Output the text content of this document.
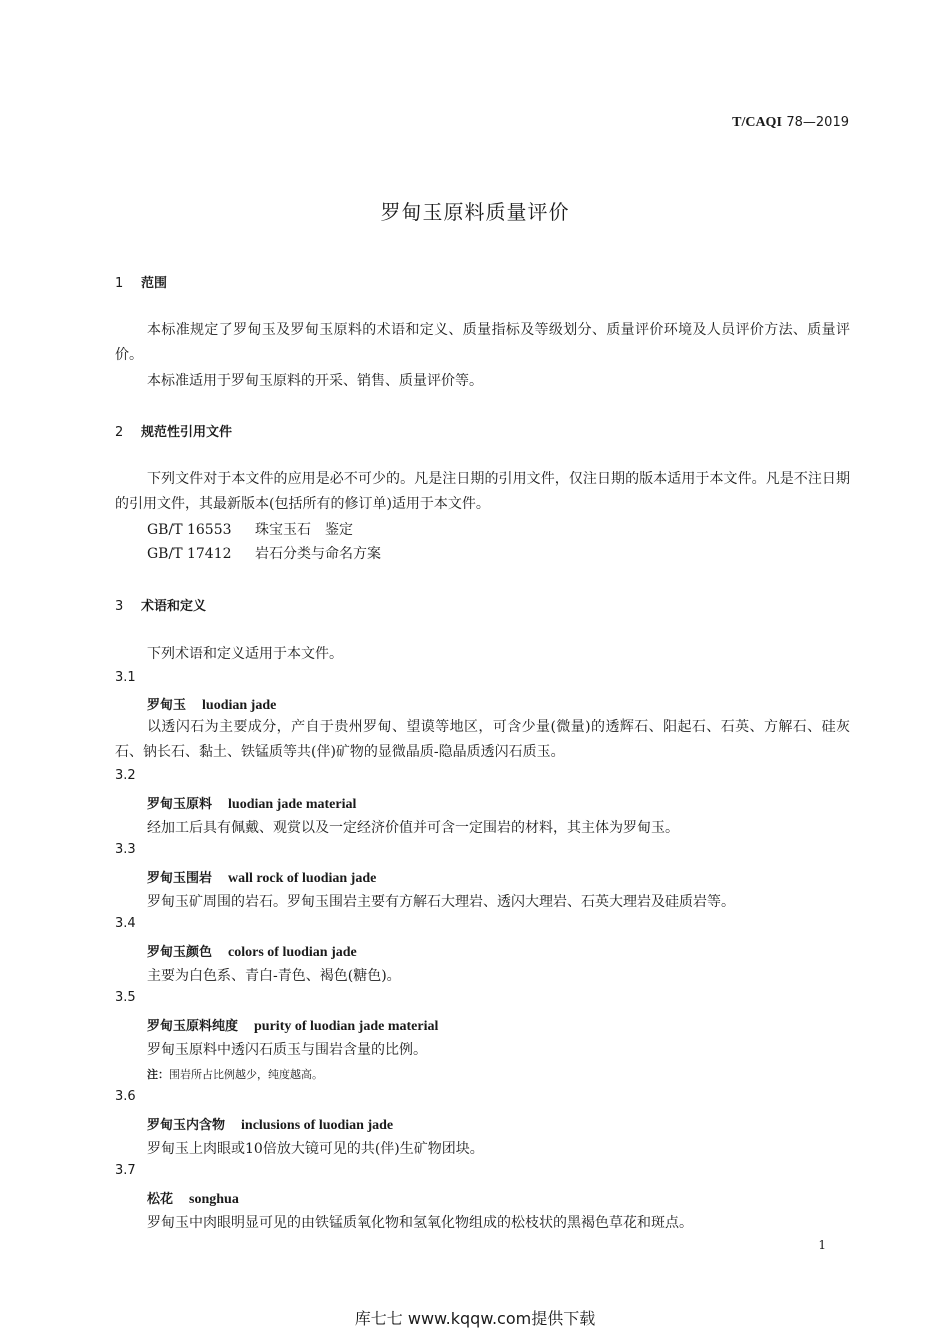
T/CAQI 78—2019
罗甸玉原料质量评价
1 范围
本标准规定了罗甸玉及罗甸玉原料的术语和定义、质量指标及等级划分、质量评价环境及人员评价方法、质量评价。
本标准适用于罗甸玉原料的开采、销售、质量评价等。
2 规范性引用文件
下列文件对于本文件的应用是必不可少的。凡是注日期的引用文件，仅注日期的版本适用于本文件。凡是不注日期的引用文件，其最新版本(包括所有的修订单)适用于本文件。
GB/T 16553 珠宝玉石　鉴定
GB/T 17412 岩石分类与命名方案
3 术语和定义
下列术语和定义适用于本文件。
3.1
罗甸玉 luodian jade
以透闪石为主要成分，产自于贵州罗甸、望谟等地区，可含少量(微量)的透辉石、阳起石、石英、方解石、硅灰石、钠长石、黏土、铁锰质等共(伴)矿物的显微晶质-隐晶质透闪石质玉。
3.2
罗甸玉原料 luodian jade material
经加工后具有佩戴、观赏以及一定经济价值并可含一定围岩的材料，其主体为罗甸玉。
3.3
罗甸玉围岩 wall rock of luodian jade
罗甸玉矿周围的岩石。罗甸玉围岩主要有方解石大理岩、透闪大理岩、石英大理岩及硅质岩等。
3.4
罗甸玉颜色 colors of luodian jade
主要为白色系、青白-青色、褐色(糖色)。
3.5
罗甸玉原料纯度 purity of luodian jade material
罗甸玉原料中透闪石质玉与围岩含量的比例。
注：围岩所占比例越少，纯度越高。
3.6
罗甸玉内含物 inclusions of luodian jade
罗甸玉上肉眼或10倍放大镜可见的共(伴)生矿物团块。
3.7
松花 songhua
罗甸玉中肉眼明显可见的由铁锰质氧化物和氢氧化物组成的松枝状的黑褐色草花和斑点。
1
库七七 www.kqqw.com提供下载
